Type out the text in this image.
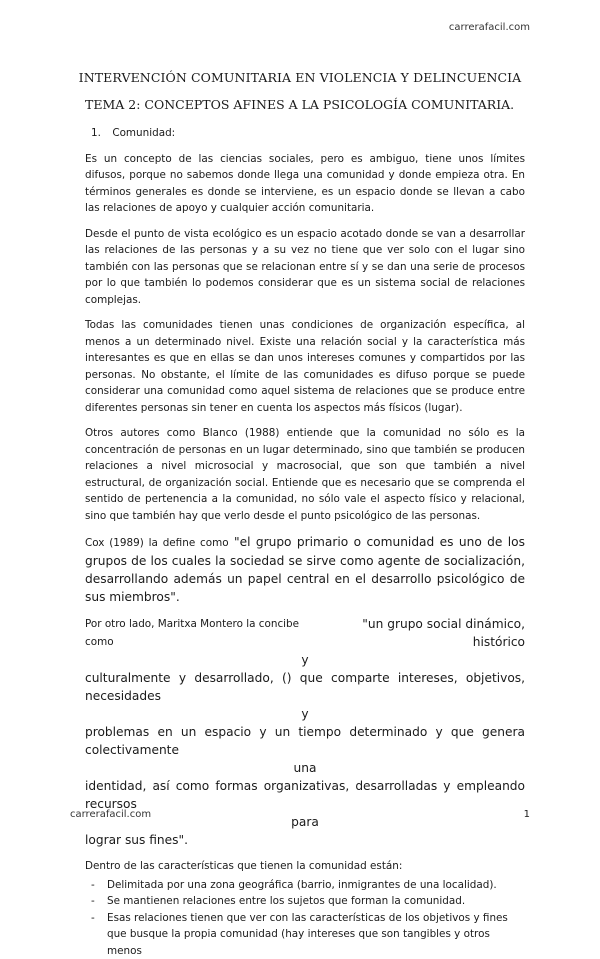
carrerafacil.com
INTERVENCIÓN COMUNITARIA EN VIOLENCIA Y DELINCUENCIA
TEMA 2: CONCEPTOS AFINES A LA PSICOLOGÍA COMUNITARIA.

1. Comunidad:

Es un concepto de las ciencias sociales, pero es ambiguo, tiene unos límites difusos, porque no sabemos donde llega una comunidad y donde empieza otra. En términos generales es donde se interviene, es un espacio donde se llevan a cabo las relaciones de apoyo y cualquier acción comunitaria.

Desde el punto de vista ecológico es un espacio acotado donde se van a desarrollar las relaciones de las personas y a su vez no tiene que ver solo con el lugar sino también con las personas que se relacionan entre sí y se dan una serie de procesos por lo que también lo podemos considerar que es un sistema social de relaciones complejas.

Todas las comunidades tienen unas condiciones de organización específica, al menos a un determinado nivel. Existe una relación social y la característica más interesantes es que en ellas se dan unos intereses comunes y compartidos por las personas. No obstante, el límite de las comunidades es difuso porque se puede considerar una comunidad como aquel sistema de relaciones que se produce entre diferentes personas sin tener en cuenta los aspectos más físicos (lugar).

Otros autores como Blanco (1988) entiende que la comunidad no sólo es la concentración de personas en un lugar determinado, sino que también se producen relaciones a nivel microsocial y macrosocial, que son que también a nivel estructural, de organización social. Entiende que es necesario que se comprenda el sentido de pertenencia a la comunidad, no sólo vale el aspecto físico y relacional, sino que también hay que verlo desde el punto psicológico de las personas.

Cox (1989) la define como "el grupo primario o comunidad es uno de los grupos de los cuales la sociedad se sirve como agente de socialización, desarrollando además un papel central en el desarrollo psicológico de sus miembros".

Por otro lado, Maritxa Montero la concibe como
"un grupo social dinámico, histórico
y
culturalmente y desarrollado, () que comparte intereses, objetivos, necesidades
y
problemas en un espacio y un tiempo determinado y que genera colectivamente
una
identidad, así como formas organizativas, desarrolladas y empleando recursos
para
lograr sus fines".

Dentro de las características que tienen la comunidad están:

- Delimitada por una zona geográfica (barrio, inmigrantes de una localidad).
- Se mantienen relaciones entre los sujetos que forman la comunidad.
- Esas relaciones tienen que ver con las características de los objetivos y fines que busque la propia comunidad (hay intereses que son tangibles y otros menos
carrerafacil.com	1
